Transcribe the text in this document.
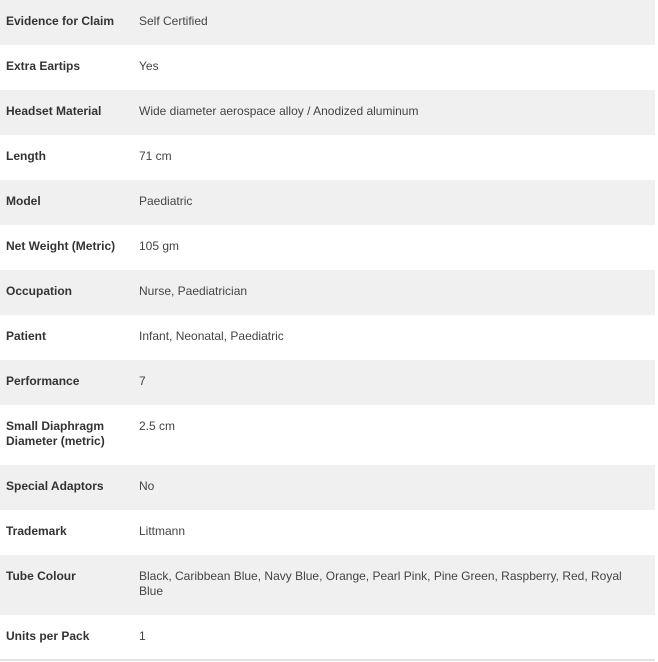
Evidence for Claim	Self Certified
Extra Eartips	Yes
Headset Material	Wide diameter aerospace alloy / Anodized aluminum
Length	71 cm
Model	Paediatric
Net Weight (Metric)	105 gm
Occupation	Nurse, Paediatrician
Patient	Infant, Neonatal, Paediatric
Performance	7
Small Diaphragm Diameter (metric)	2.5 cm
Special Adaptors	No
Trademark	Littmann
Tube Colour	Black, Caribbean Blue, Navy Blue, Orange, Pearl Pink, Pine Green, Raspberry, Red, Royal Blue
Units per Pack	1
